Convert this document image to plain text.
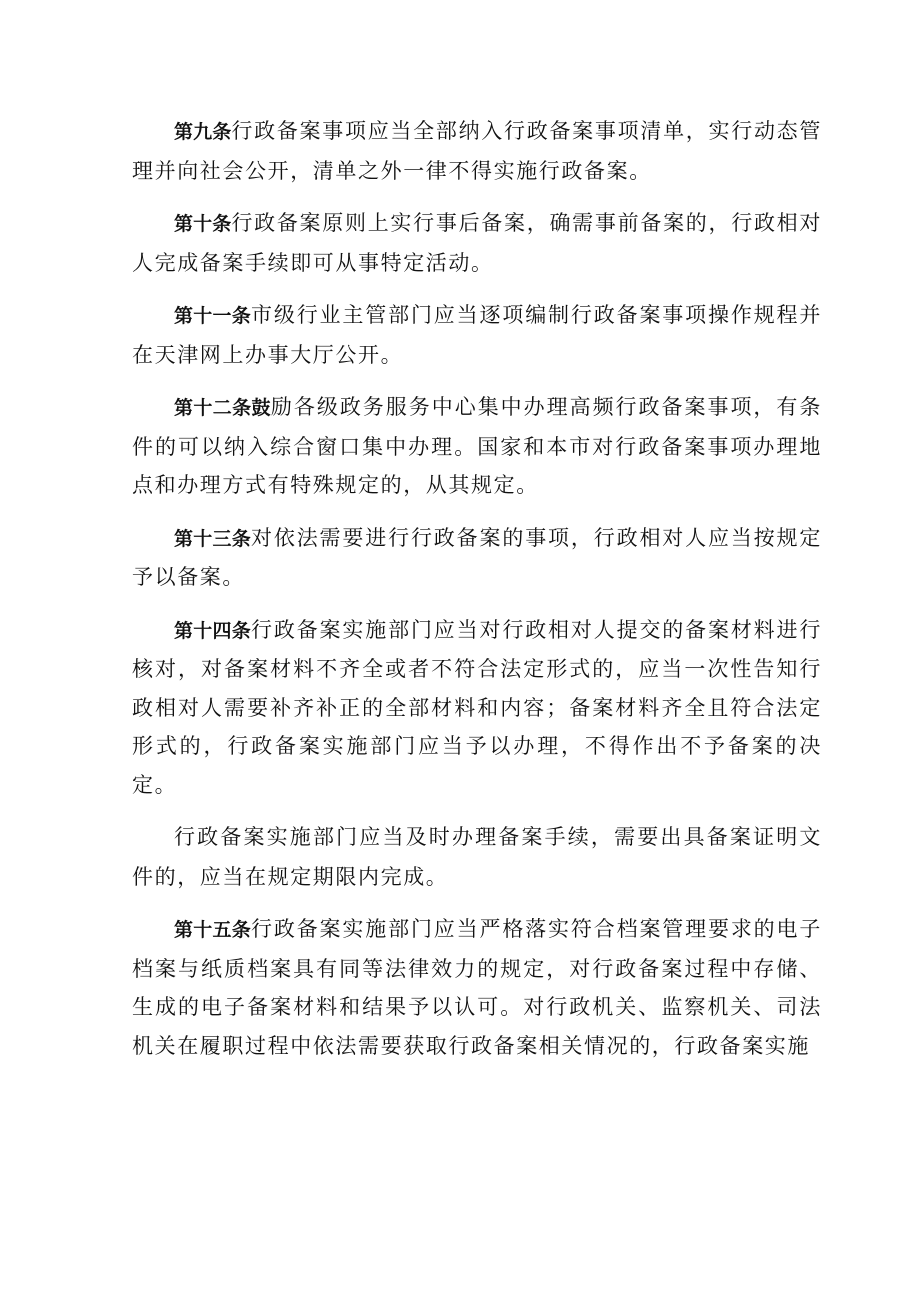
第九条行政备案事项应当全部纳入行政备案事项清单，实行动态管理并向社会公开，清单之外一律不得实施行政备案。

第十条行政备案原则上实行事后备案，确需事前备案的，行政相对人完成备案手续即可从事特定活动。

第十一条市级行业主管部门应当逐项编制行政备案事项操作规程并在天津网上办事大厅公开。

第十二条鼓励各级政务服务中心集中办理高频行政备案事项，有条件的可以纳入综合窗口集中办理。国家和本市对行政备案事项办理地点和办理方式有特殊规定的，从其规定。

第十三条对依法需要进行行政备案的事项，行政相对人应当按规定予以备案。

第十四条行政备案实施部门应当对行政相对人提交的备案材料进行核对，对备案材料不齐全或者不符合法定形式的，应当一次性告知行政相对人需要补齐补正的全部材料和内容；备案材料齐全且符合法定形式的，行政备案实施部门应当予以办理，不得作出不予备案的决定。

行政备案实施部门应当及时办理备案手续，需要出具备案证明文件的，应当在规定期限内完成。

第十五条行政备案实施部门应当严格落实符合档案管理要求的电子档案与纸质档案具有同等法律效力的规定，对行政备案过程中存储、生成的电子备案材料和结果予以认可。对行政机关、监察机关、司法机关在履职过程中依法需要获取行政备案相关情况的，行政备案实施
